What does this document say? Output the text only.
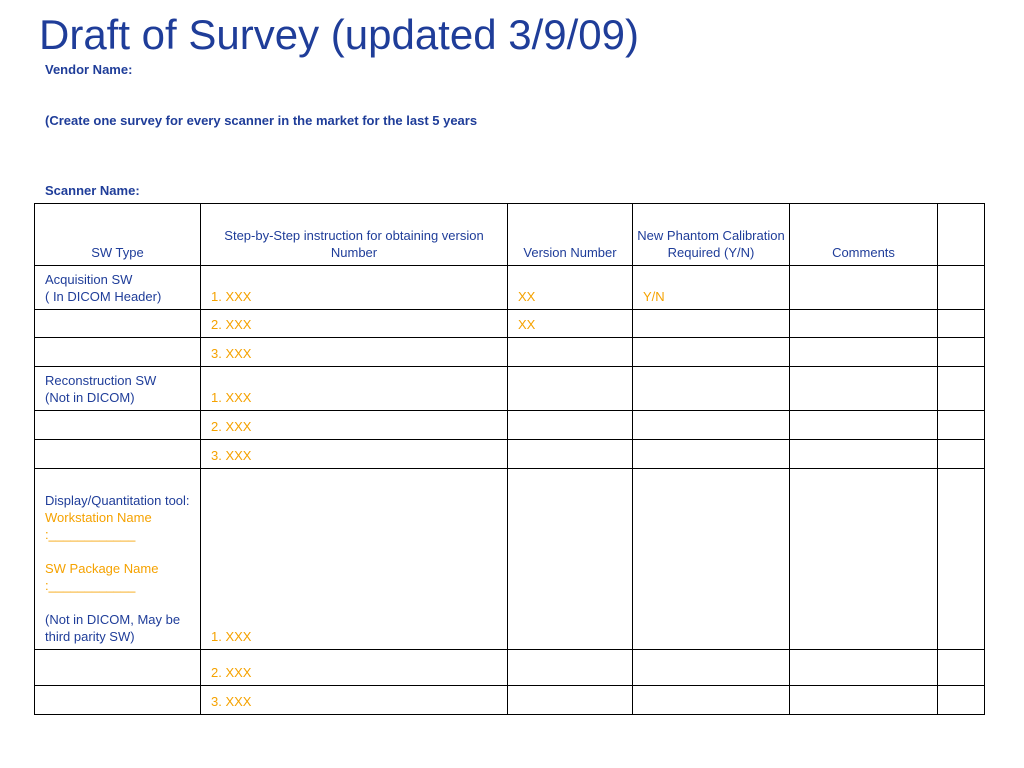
Draft of Survey (updated 3/9/09)

Vendor Name:

(Create one survey for every scanner in the market for the last 5 years

Scanner Name:

SW Type	Step-by-Step instruction for obtaining version Number	Version Number	New Phantom Calibration Required (Y/N)	Comments	
Acquisition SW
( In DICOM Header)	1. XXX	XX	Y/N		
	2. XXX	XX			
	3. XXX				
Reconstruction SW
(Not in DICOM)	1. XXX				
	2. XXX				
	3. XXX				

Display/Quantitation tool:
Workstation Name :____________
SW Package Name :____________
(Not in DICOM, May be third parity SW)	1. XXX				
	2. XXX				
	3. XXX				
